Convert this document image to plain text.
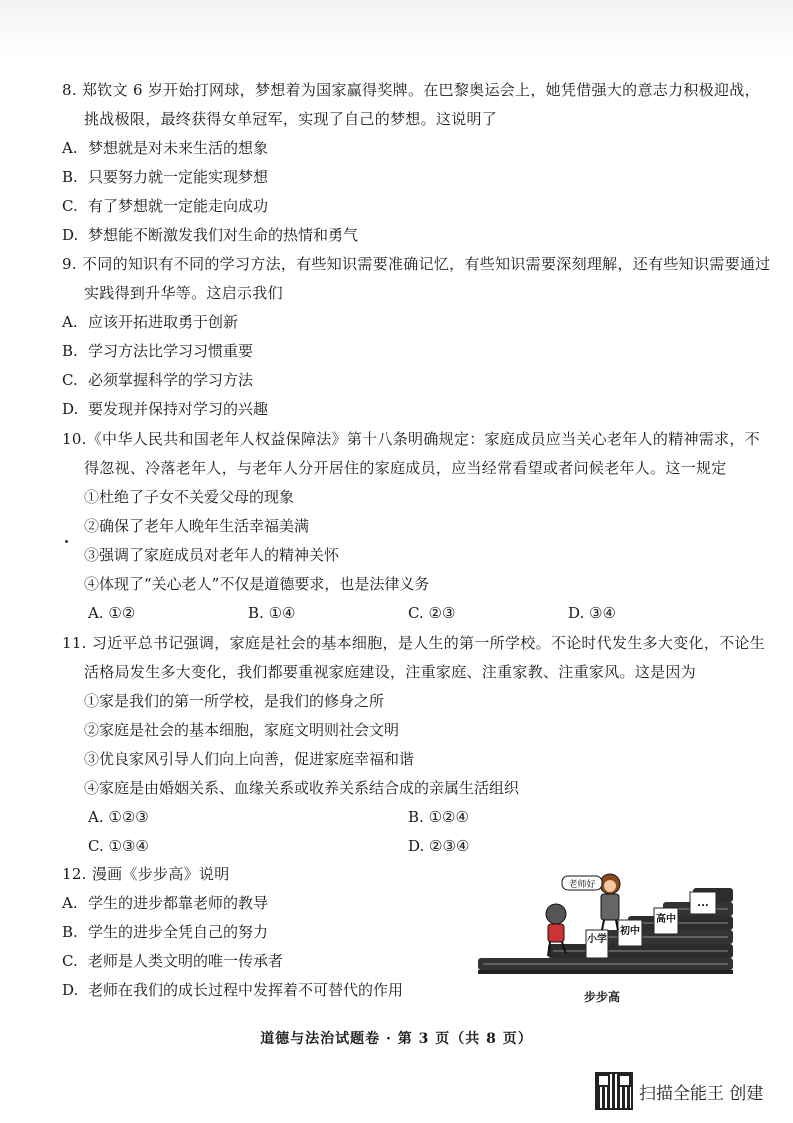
8. 郑钦文 6 岁开始打网球，梦想着为国家赢得奖牌。在巴黎奥运会上，她凭借强大的意志力积极迎战，挑战极限，最终获得女单冠军，实现了自己的梦想。这说明了
A. 梦想就是对未来生活的想象
B. 只要努力就一定能实现梦想
C. 有了梦想就一定能走向成功
D. 梦想能不断激发我们对生命的热情和勇气
9. 不同的知识有不同的学习方法，有些知识需要准确记忆，有些知识需要深刻理解，还有些知识需要通过实践得到升华等。这启示我们
A. 应该开拓进取勇于创新
B. 学习方法比学习习惯重要
C. 必须掌握科学的学习方法
D. 要发现并保持对学习的兴趣
10.《中华人民共和国老年人权益保障法》第十八条明确规定：家庭成员应当关心老年人的精神需求，不得忽视、冷落老年人，与老年人分开居住的家庭成员，应当经常看望或者问候老年人。这一规定
①杜绝了子女不关爱父母的现象
②确保了老年人晚年生活幸福美满
③强调了家庭成员对老年人的精神关怀
④体现了“关心老人”不仅是道德要求，也是法律义务
A. ①②	B. ①④	C. ②③	D. ③④
11. 习近平总书记强调，家庭是社会的基本细胞，是人生的第一所学校。不论时代发生多大变化，不论生活格局发生多大变化，我们都要重视家庭建设，注重家庭、注重家教、注重家风。这是因为
①家是我们的第一所学校，是我们的修身之所
②家庭是社会的基本细胞，家庭文明则社会文明
③优良家风引导人们向上向善，促进家庭幸福和谐
④家庭是由婚姻关系、血缘关系或收养关系结合成的亲属生活组织
A. ①②③	B. ①②④
C. ①③④	D. ②③④
12. 漫画《步步高》说明
A. 学生的进步都靠老师的教导
B. 学生的进步全凭自己的努力
C. 老师是人类文明的唯一传承者
D. 老师在我们的成长过程中发挥着不可替代的作用
小学
初中
高中
...
老师好
步步高
道德与法治试题卷 · 第 3 页（共 8 页）
扫描全能王 创建
